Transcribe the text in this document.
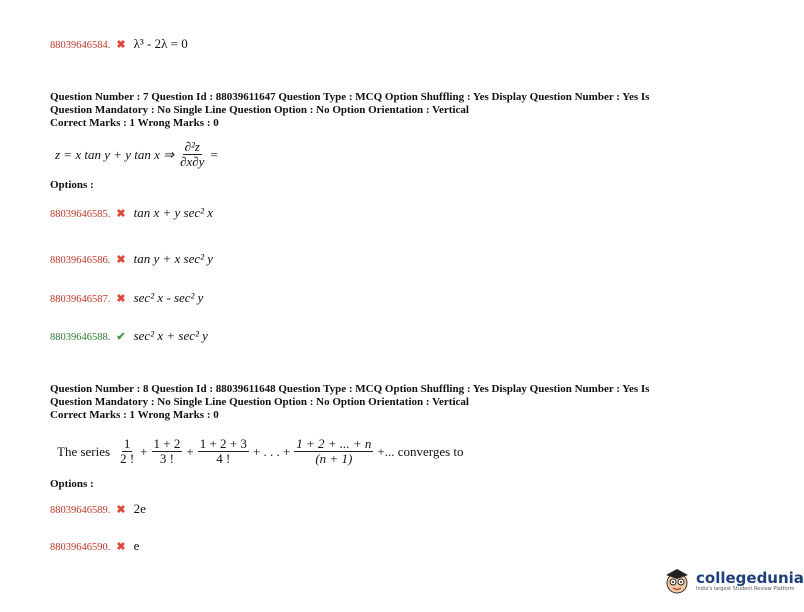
88039646584. ✖ λ³ - 2λ = 0
Question Number : 7 Question Id : 88039611647 Question Type : MCQ Option Shuffling : Yes Display Question Number : Yes Is
Question Mandatory : No Single Line Question Option : No Option Orientation : Vertical
Correct Marks : 1 Wrong Marks : 0
z = x tan y + y tan x ⇒ $\frac{\text{∂²z}}{\partial x\partial y}$ =
Options :
88039646585. ✖ tan x + y sec² x
88039646586. ✖ tan y + x sec² y
88039646587. ✖ sec² x - sec² y
88039646588. ✔ sec² x + sec² y
Question Number : 8 Question Id : 88039611648 Question Type : MCQ Option Shuffling : Yes Display Question Number : Yes Is
Question Mandatory : No Single Line Question Option : No Option Orientation : Vertical
Correct Marks : 1 Wrong Marks : 0
The series $\frac{1}{2 !} + \frac{1 + 2}{3 !} + \frac{1 + 2 + 3}{4 !}$ + . . . + $\frac{1 + 2 + ... + n}{(n + 1)}$ +... converges to
Options :
88039646589. ✖ 2e
88039646590. ✖ e
collegedunia
India's largest Student Review Platform
